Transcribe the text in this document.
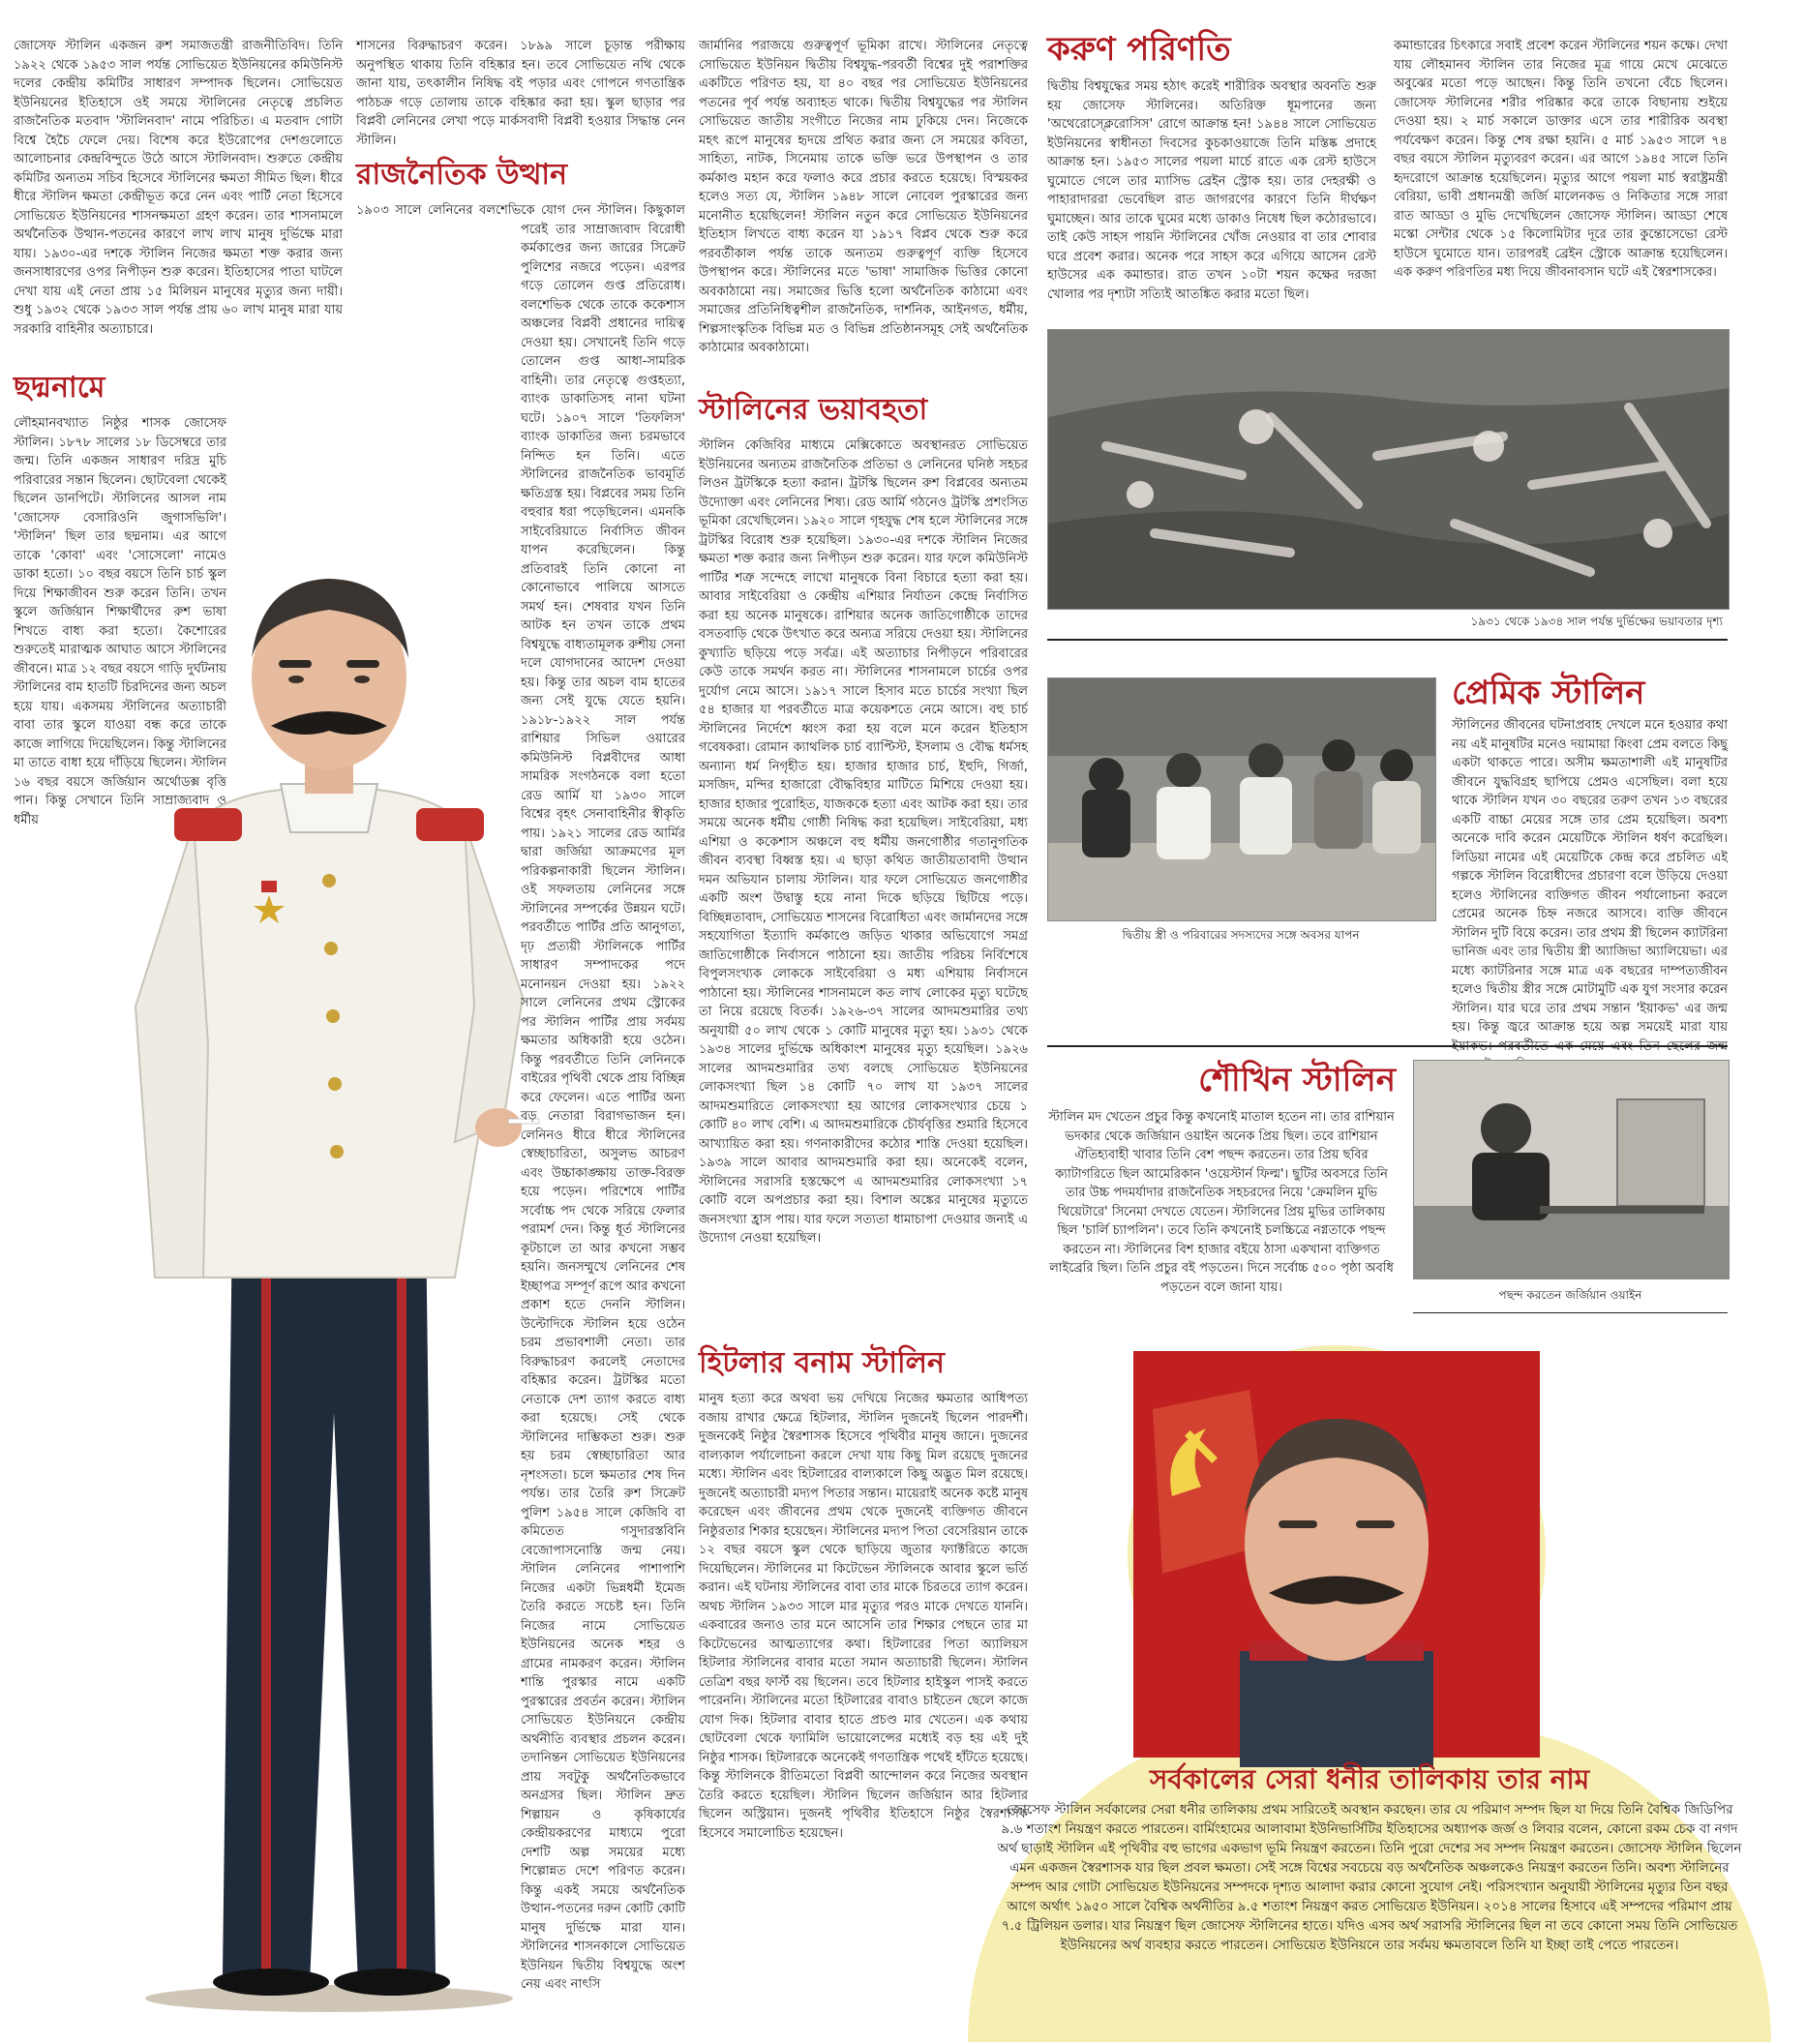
জোসেফ স্টালিন একজন রুশ সমাজতন্ত্রী রাজনীতিবিদ। তিনি ১৯২২ থেকে ১৯৫৩ সাল পর্যন্ত সোভিয়েত ইউনিয়নের কমিউনিস্ট দলের কেন্দ্রীয় কমিটির সাধারণ সম্পাদক ছিলেন। সোভিয়েত ইউনিয়নের ইতিহাসে ওই সময়ে স্টালিনের নেতৃত্বে প্রচলিত রাজনৈতিক মতবাদ 'স্টালিনবাদ' নামে পরিচিত। এ মতবাদ গোটা বিশ্বে হৈচৈ ফেলে দেয়। বিশেষ করে ইউরোপের দেশগুলোতে আলোচনার কেন্দ্রবিন্দুতে উঠে আসে স্টালিনবাদ। শুরুতে কেন্দ্রীয় কমিটির অন্যতম সচিব হিসেবে স্টালিনের ক্ষমতা সীমিত ছিল। ধীরে ধীরে স্টালিন ক্ষমতা কেন্দ্রীভূত করে নেন এবং পার্টি নেতা হিসেবে সোভিয়েত ইউনিয়নের শাসনক্ষমতা গ্রহণ করেন। তার শাসনামলে অর্থনৈতিক উত্থান-পতনের কারণে লাখ লাখ মানুষ দুর্ভিক্ষে মারা যায়। ১৯৩০-এর দশকে স্টালিন নিজের ক্ষমতা শক্ত করার জন্য জনসাধারণের ওপর নিপীড়ন শুরু করেন। ইতিহাসের পাতা ঘাটলে দেখা যায় এই নেতা প্রায় ১৫ মিলিয়ন মানুষের মৃত্যুর জন্য দায়ী। শুধু ১৯৩২ থেকে ১৯৩৩ সাল পর্যন্ত প্রায় ৬০ লাখ মানুষ মারা যায় সরকারি বাহিনীর অত্যাচারে।

ছদ্মনামে

লৌহমানবখ্যাত নিষ্ঠুর শাসক জোসেফ স্টালিন। ১৮৭৮ সালের ১৮ ডিসেম্বরে তার জন্ম। তিনি একজন সাধারণ দরিদ্র মুচি পরিবারের সন্তান ছিলেন। ছোটবেলা থেকেই ছিলেন ডানপিটে। স্টালিনের আসল নাম 'জোসেফ বেসারিওনি জুগাসভিলি'। 'স্টালিন' ছিল তার ছদ্মনাম। এর আগে তাকে 'কোবা' এবং 'সোসেলো' নামেও ডাকা হতো। ১০ বছর বয়সে তিনি চার্চ স্কুল দিয়ে শিক্ষাজীবন শুরু করেন তিনি। তখন স্কুলে জর্জিয়ান শিক্ষার্থীদের রুশ ভাষা শিখতে বাধ্য করা হতো। কৈশোরের শুরুতেই মারাত্মক আঘাত আসে স্টালিনের জীবনে। মাত্র ১২ বছর বয়সে গাড়ি দুর্ঘটনায় স্টালিনের বাম হাতটি চিরদিনের জন্য অচল হয়ে যায়। একসময় স্টালিনের অত্যাচারী বাবা তার স্কুলে যাওয়া বন্ধ করে তাকে কাজে লাগিয়ে দিয়েছিলেন। কিন্তু স্টালিনের মা তাতে বাধা হয়ে দাঁড়িয়ে ছিলেন। স্টালিন ১৬ বছর বয়সে জর্জিয়ান অর্থোডক্স বৃত্তি পান। কিন্তু সেখানে তিনি সাম্রাজ্যবাদ ও ধর্মীয়

শাসনের বিরুদ্ধাচরণ করেন। ১৮৯৯ সালে চূড়ান্ত পরীক্ষায় অনুপস্থিত থাকায় তিনি বহিষ্কার হন। তবে সোভিয়েত নথি থেকে জানা যায়, তৎকালীন নিষিদ্ধ বই পড়ার এবং গোপনে গণতান্ত্রিক পাঠচক্র গড়ে তোলায় তাকে বহিষ্কার করা হয়। স্কুল ছাড়ার পর বিপ্লবী লেনিনের লেখা পড়ে মার্কসবাদী বিপ্লবী হওয়ার সিদ্ধান্ত নেন স্টালিন।

রাজনৈতিক উত্থান

১৯০৩ সালে লেনিনের বলশেভিকে যোগ দেন স্টালিন। কিছুকাল পরেই তার সাম্রাজ্যবাদ বিরোধী কর্মকাণ্ডের জন্য জারের সিক্রেট পুলিশের নজরে পড়েন। এরপর গড়ে তোলেন গুপ্ত প্রতিরোধ। বলশেভিক থেকে তাকে ককেশাস অঞ্চলের বিপ্লবী প্রধানের দায়িত্ব দেওয়া হয়। সেখানেই তিনি গড়ে তোলেন গুপ্ত আধা-সামরিক বাহিনী। তার নেতৃত্বে গুপ্তহত্যা, ব্যাংক ডাকাতিসহ নানা ঘটনা ঘটে। ১৯০৭ সালে 'তিফলিস' ব্যাংক ডাকাতির জন্য চরমভাবে নিন্দিত হন তিনি। এতে স্টালিনের রাজনৈতিক ভাবমূর্তি ক্ষতিগ্রস্ত হয়। বিপ্লবের সময় তিনি বহুবার ধরা পড়েছিলেন। এমনকি সাইবেরিয়াতে নির্বাসিত জীবন যাপন করেছিলেন। কিন্তু প্রতিবারই তিনি কোনো না কোনোভাবে পালিয়ে আসতে সমর্থ হন। শেষবার যখন তিনি আটক হন তখন তাকে প্রথম বিশ্বযুদ্ধে বাধ্যতামূলক রুশীয় সেনা দলে যোগদানের আদেশ দেওয়া হয়। কিন্তু তার অচল বাম হাতের জন্য সেই যুদ্ধে যেতে হয়নি। ১৯১৮-১৯২২ সাল পর্যন্ত রাশিয়ার সিভিল ওয়ারের কমিউনিস্ট বিপ্লবীদের আধা সামরিক সংগঠনকে বলা হতো রেড আর্মি যা ১৯৩০ সালে বিশ্বের বৃহৎ সেনাবাহিনীর স্বীকৃতি পায়। ১৯২১ সালের রেড আর্মির দ্বারা জর্জিয়া আক্রমণের মূল পরিকল্পনাকারী ছিলেন স্টালিন। ওই সফলতায় লেনিনের সঙ্গে স্টালিনের সম্পর্কের উন্নয়ন ঘটে। পরবর্তীতে পার্টির প্রতি আনুগত্য, দৃঢ় প্রত্যয়ী স্টালিনকে পার্টির সাধারণ সম্পাদকের পদে মনোনয়ন দেওয়া হয়। ১৯২২ সালে লেনিনের প্রথম স্ট্রোকের পর স্টালিন পার্টির প্রায় সর্বময় ক্ষমতার অধিকারী হয়ে ওঠেন। কিন্তু পরবর্তীতে তিনি লেনিনকে বাইরের পৃথিবী থেকে প্রায় বিচ্ছিন্ন করে ফেলেন। এতে পার্টির অন্য বড় নেতারা বিরাগভাজন হন। লেনিনও ধীরে ধীরে স্টালিনের স্বেচ্ছাচারিতা, অসুলভ আচরণ এবং উচ্চাকাঙ্ক্ষায় তাক্ত-বিরক্ত হয়ে পড়েন। পরিশেষে পার্টির সর্বোচ্চ পদ থেকে সরিয়ে ফেলার পরামর্শ দেন। কিন্তু ধূর্ত স্টালিনের কূটচালে তা আর কখনো সম্ভব হয়নি। জনসম্মুখে লেনিনের শেষ ইচ্ছাপত্র সম্পূর্ণ রূপে আর কখনো প্রকাশ হতে দেননি স্টালিন। উল্টোদিকে স্টালিন হয়ে ওঠেন চরম প্রভাবশালী নেতা। তার বিরুদ্ধাচরণ করলেই নেতাদের বহিষ্কার করেন। ট্রটস্কির মতো নেতাকে দেশ ত্যাগ করতে বাধ্য করা হয়েছে। সেই থেকে স্টালিনের দাম্ভিকতা শুরু। শুরু হয় চরম স্বেচ্ছাচারিতা আর নৃশংসতা। চলে ক্ষমতার শেষ দিন পর্যন্ত। তার তৈরি রুশ সিক্রেট পুলিশ ১৯৫৪ সালে কেজিবি বা কমিতেত গসুদারস্তবিনি বেজোপাসনোস্তি জন্ম নেয়। স্টালিন লেনিনের পাশাপাশি নিজের একটা ভিন্নধর্মী ইমেজ তৈরি করতে সচেষ্ট হন। তিনি নিজের নামে সোভিয়েত ইউনিয়নের অনেক শহর ও গ্রামের নামকরণ করেন। স্টালিন শান্তি পুরস্কার নামে একটি পুরস্কারের প্রবর্তন করেন। স্টালিন সোভিয়েত ইউনিয়নে কেন্দ্রীয় অর্থনীতি ব্যবস্থার প্রচলন করেন। তদানিন্তন সোভিয়েত ইউনিয়নের প্রায় সবটুকু অর্থনৈতিকভাবে অনগ্রসর ছিল। স্টালিন দ্রুত শিল্পায়ন ও কৃষিকার্যের কেন্দ্রীয়করণের মাধ্যমে পুরো দেশটি অল্প সময়ের মধ্যে শিল্পোন্নত দেশে পরিণত করেন। কিন্তু একই সময়ে অর্থনৈতিক উত্থান-পতনের দরুন কোটি কোটি মানুষ দুর্ভিক্ষে মারা যান। স্টালিনের শাসনকালে সোভিয়েত ইউনিয়ন দ্বিতীয় বিশ্বযুদ্ধে অংশ নেয় এবং নাৎসি

জার্মানির পরাজয়ে গুরুত্বপূর্ণ ভূমিকা রাখে। স্টালিনের নেতৃত্বে সোভিয়েত ইউনিয়ন দ্বিতীয় বিশ্বযুদ্ধ-পরবর্তী বিশ্বের দুই পরাশক্তির একটিতে পরিণত হয়, যা ৪০ বছর পর সোভিয়েত ইউনিয়নের পতনের পূর্ব পর্যন্ত অব্যাহত থাকে। দ্বিতীয় বিশ্বযুদ্ধের পর স্টালিন সোভিয়েত জাতীয় সংগীতে নিজের নাম ঢুকিয়ে দেন। নিজেকে মহৎ রূপে মানুষের হৃদয়ে প্রথিত করার জন্য সে সময়ের কবিতা, সাহিত্য, নাটক, সিনেমায় তাকে ভক্তি ভরে উপস্থাপন ও তার কর্মকাণ্ড মহান করে ফলাও করে প্রচার করতে হয়েছে। বিস্ময়কর হলেও সত্য যে, স্টালিন ১৯৪৮ সালে নোবেল পুরস্কারের জন্য মনোনীত হয়েছিলেন! স্টালিন নতুন করে সোভিয়েত ইউনিয়নের ইতিহাস লিখতে বাধ্য করেন যা ১৯১৭ বিপ্লব থেকে শুরু করে পরবর্তীকাল পর্যন্ত তাকে অন্যতম গুরুত্বপূর্ণ ব্যক্তি হিসেবে উপস্থাপন করে। স্টালিনের মতে 'ভাষা' সামাজিক ভিত্তির কোনো অবকাঠামো নয়। সমাজের ভিত্তি হলো অর্থনৈতিক কাঠামো এবং সমাজের প্রতিনিধিত্বশীল রাজনৈতিক, দার্শনিক, আইনগত, ধর্মীয়, শিল্পসাংস্কৃতিক বিভিন্ন মত ও বিভিন্ন প্রতিষ্ঠানসমূহ সেই অর্থনৈতিক কাঠামোর অবকাঠামো।

স্টালিনের ভয়াবহতা

স্টালিন কেজিবির মাধ্যমে মেক্সিকোতে অবস্থানরত সোভিয়েত ইউনিয়নের অন্যতম রাজনৈতিক প্রতিভা ও লেনিনের ঘনিষ্ঠ সহচর লিওন ট্রটস্কিকে হত্যা করান। ট্রটস্কি ছিলেন রুশ বিপ্লবের অন্যতম উদ্যোক্তা এবং লেনিনের শিষ্য। রেড আর্মি গঠনেও ট্রটস্কি প্রশংসিত ভূমিকা রেখেছিলেন। ১৯২০ সালে গৃহযুদ্ধ শেষ হলে স্টালিনের সঙ্গে ট্রটস্কির বিরোধ শুরু হয়েছিল। ১৯৩০-এর দশকে স্টালিন নিজের ক্ষমতা শক্ত করার জন্য নিপীড়ন শুরু করেন। যার ফলে কমিউনিস্ট পার্টির শত্রু সন্দেহে লাখো মানুষকে বিনা বিচারে হত্যা করা হয়। আবার সাইবেরিয়া ও কেন্দ্রীয় এশিয়ার নির্যাতন কেন্দ্রে নির্বাসিত করা হয় অনেক মানুষকে। রাশিয়ার অনেক জাতিগোষ্ঠীকে তাদের বসতবাড়ি থেকে উৎখাত করে অন্যত্র সরিয়ে দেওয়া হয়। স্টালিনের কুখ্যাতি ছড়িয়ে পড়ে সর্বত্র। এই অত্যাচার নিপীড়নে পরিবারের কেউ তাকে সমর্থন করত না। স্টালিনের শাসনামলে চার্চের ওপর দুর্যোগ নেমে আসে। ১৯১৭ সালে হিসাব মতে চার্চের সংখ্যা ছিল ৫৪ হাজার যা পরবর্তীতে মাত্র কয়েকশতে নেমে আসে। বহু চার্চ স্টালিনের নির্দেশে ধ্বংস করা হয় বলে মনে করেন ইতিহাস গবেষকরা। রোমান ক্যাথলিক চার্চ ব্যাপ্টিস্ট, ইসলাম ও বৌদ্ধ ধর্মসহ অন্যান্য ধর্ম নিগৃহীত হয়। হাজার হাজার চার্চ, ইহুদি, গির্জা, মসজিদ, মন্দির হাজারো বৌদ্ধবিহার মাটিতে মিশিয়ে দেওয়া হয়। হাজার হাজার পুরোহিত, যাজককে হত্যা এবং আটক করা হয়। তার সময়ে অনেক ধর্মীয় গোষ্ঠী নিষিদ্ধ করা হয়েছিল। সাইবেরিয়া, মধ্য এশিয়া ও ককেশাস অঞ্চলে বহু ধর্মীয় জনগোষ্ঠীর গতানুগতিক জীবন ব্যবস্থা বিধ্বস্ত হয়। এ ছাড়া কথিত জাতীয়তাবাদী উত্থান দমন অভিযান চালায় স্টালিন। যার ফলে সোভিয়েত জনগোষ্ঠীর একটি অংশ উদ্বাস্তু হয়ে নানা দিকে ছড়িয়ে ছিটিয়ে পড়ে। বিচ্ছিন্নতাবাদ, সোভিয়েত শাসনের বিরোধিতা এবং জার্মানদের সঙ্গে সহযোগিতা ইত্যাদি কর্মকাণ্ডে জড়িত থাকার অভিযোগে সমগ্র জাতিগোষ্ঠীকে নির্বাসনে পাঠানো হয়। জাতীয় পরিচয় নির্বিশেষে বিপুলসংখ্যক লোককে সাইবেরিয়া ও মধ্য এশিয়ায় নির্বাসনে পাঠানো হয়। স্টালিনের শাসনামলে কত লাখ লোকের মৃত্যু ঘটেছে তা নিয়ে রয়েছে বিতর্ক। ১৯২৬-৩৭ সালের আদমশুমারির তথ্য অনুযায়ী ৫০ লাখ থেকে ১ কোটি মানুষের মৃত্যু হয়। ১৯৩১ থেকে ১৯৩৪ সালের দুর্ভিক্ষে অধিকাংশ মানুষের মৃত্যু হয়েছিল। ১৯২৬ সালের আদমশুমারির তথ্য বলছে সোভিয়েত ইউনিয়নের লোকসংখ্যা ছিল ১৪ কোটি ৭০ লাখ যা ১৯৩৭ সালের আদমশুমারিতে লোকসংখ্যা হয় আগের লোকসংখ্যার চেয়ে ১ কোটি ৪০ লাখ বেশি। এ আদমশুমারিকে চৌর্যবৃত্তির শুমারি হিসেবে আখ্যায়িত করা হয়। গণনাকারীদের কঠোর শাস্তি দেওয়া হয়েছিল। ১৯৩৯ সালে আবার আদমশুমারি করা হয়। অনেকেই বলেন, স্টালিনের সরাসরি হস্তক্ষেপে এ আদমশুমারির লোকসংখ্যা ১৭ কোটি বলে অপপ্রচার করা হয়। বিশাল অঙ্কের মানুষের মৃত্যুতে জনসংখ্যা হ্রাস পায়। যার ফলে সত্যতা ধামাচাপা দেওয়ার জন্যই এ উদ্যোগ নেওয়া হয়েছিল।

হিটলার বনাম স্টালিন

মানুষ হত্যা করে অথবা ভয় দেখিয়ে নিজের ক্ষমতার আধিপত্য বজায় রাখার ক্ষেত্রে হিটলার, স্টালিন দুজনেই ছিলেন পারদর্শী। দুজনকেই নিষ্ঠুর স্বৈরশাসক হিসেবে পৃথিবীর মানুষ জানে। দুজনের বাল্যকাল পর্যালোচনা করলে দেখা যায় কিছু মিল রয়েছে দুজনের মধ্যে। স্টালিন এবং হিটলারের বাল্যকালে কিছু অদ্ভুত মিল রয়েছে। দুজনেই অত্যাচারী মদ্যপ পিতার সন্তান। মায়েরাই অনেক কষ্টে মানুষ করেছেন এবং জীবনের প্রথম থেকে দুজনেই ব্যক্তিগত জীবনে নিষ্ঠুরতার শিকার হয়েছেন। স্টালিনের মদ্যপ পিতা বেসেরিয়ান তাকে ১২ বছর বয়সে স্কুল থেকে ছাড়িয়ে জুতার ফ্যাক্টরিতে কাজে দিয়েছিলেন। স্টালিনের মা কিটেভেন স্টালিনকে আবার স্কুলে ভর্তি করান। এই ঘটনায় স্টালিনের বাবা তার মাকে চিরতরে ত্যাগ করেন। অথচ স্টালিন ১৯৩৩ সালে মার মৃত্যুর পরও মাকে দেখতে যাননি। একবারের জন্যও তার মনে আসেনি তার শিক্ষার পেছনে তার মা কিটেভেনের আত্মত্যাগের কথা। হিটলারের পিতা অ্যালিয়স হিটলার স্টালিনের বাবার মতো সমান অত্যাচারী ছিলেন। স্টালিন তেত্রিশ বছর ফার্স্ট বয় ছিলেন। তবে হিটলার হাইস্কুল পাসই করতে পারেননি। স্টালিনের মতো হিটলারের বাবাও চাইতেন ছেলে কাজে যোগ দিক। হিটলার বাবার হাতে প্রচণ্ড মার খেতেন। এক কথায় ছোটবেলা থেকে ফ্যামিলি ভায়োলেন্সের মধ্যেই বড় হয় এই দুই নিষ্ঠুর শাসক। হিটলারকে অনেকেই গণতান্ত্রিক পথেই হাঁটতে হয়েছে। কিন্তু স্টালিনকে রীতিমতো বিপ্লবী আন্দোলন করে নিজের অবস্থান তৈরি করতে হয়েছিল। স্টালিন ছিলেন জর্জিয়ান আর হিটলার ছিলেন অস্ট্রিয়ান। দুজনই পৃথিবীর ইতিহাসে নিষ্ঠুর স্বৈরশাসক হিসেবে সমালোচিত হয়েছেন।

করুণ পরিণতি

দ্বিতীয় বিশ্বযুদ্ধের সময় হঠাৎ করেই শারীরিক অবস্থার অবনতি শুরু হয় জোসেফ স্টালিনের। অতিরিক্ত ধূমপানের জন্য 'অথেরোস্ক্লেরোসিস' রোগে আক্রান্ত হন! ১৯৪৪ সালে সোভিয়েত ইউনিয়নের স্বাধীনতা দিবসের কুচকাওয়াজে তিনি মস্তিষ্ক প্রদাহে আক্রান্ত হন। ১৯৫৩ সালের পয়লা মার্চে রাতে এক রেস্ট হাউসে ঘুমোতে গেলে তার ম্যাসিভ ব্রেইন স্ট্রোক হয়। তার দেহরক্ষী ও পাহারাদাররা ভেবেছিল রাত জাগরণের কারণে তিনি দীর্ঘক্ষণ ঘুমাচ্ছেন। আর তাকে ঘুমের মধ্যে ডাকাও নিষেধ ছিল কঠোরভাবে। তাই কেউ সাহস পায়নি স্টালিনের খোঁজ নেওয়ার বা তার শোবার ঘরে প্রবেশ করার। অনেক পরে সাহস করে এগিয়ে আসেন রেস্ট হাউসের এক কমান্ডার। রাত তখন ১০টা শয়ন কক্ষের দরজা খোলার পর দৃশ্যটা সত্যিই আতঙ্কিত করার মতো ছিল।

কমান্ডারের চিৎকারে সবাই প্রবেশ করেন স্টালিনের শয়ন কক্ষে। দেখা যায় লৌহমানব স্টালিন তার নিজের মূত্র গায়ে মেখে মেঝেতে অবুঝের মতো পড়ে আছেন। কিন্তু তিনি তখনো বেঁচে ছিলেন। জোসেফ স্টালিনের শরীর পরিষ্কার করে তাকে বিছানায় শুইয়ে দেওয়া হয়। ২ মার্চ সকালে ডাক্তার এসে তার শারীরিক অবস্থা পর্যবেক্ষণ করেন। কিন্তু শেষ রক্ষা হয়নি। ৫ মার্চ ১৯৫৩ সালে ৭৪ বছর বয়সে স্টালিন মৃত্যুবরণ করেন। এর আগে ১৯৪৫ সালে তিনি হৃদরোগে আক্রান্ত হয়েছিলেন। মৃত্যুর আগে পয়লা মার্চ স্বরাষ্ট্রমন্ত্রী বেরিয়া, ভাবী প্রধানমন্ত্রী জর্জি মালেনকভ ও নিকিতার সঙ্গে সারা রাত আড্ডা ও মুভি দেখেছিলেন জোসেফ স্টালিন। আড্ডা শেষে মস্কো সেন্টার থেকে ১৫ কিলোমিটার দূরে তার কুন্তোসেভো রেস্ট হাউসে ঘুমোতে যান। তারপরই ব্রেইন স্ট্রোকে আক্রান্ত হয়েছিলেন। এক করুণ পরিণতির মধ্য দিয়ে জীবনাবসান ঘটে এই স্বৈরশাসকের।

১৯৩১ থেকে ১৯৩৪ সাল পর্যন্ত দুর্ভিক্ষের ভয়াবতার দৃশ্য
দ্বিতীয় স্ত্রী ও পরিবারের সদস্যদের সঙ্গে অবসর যাপন
প্রেমিক স্টালিন

স্টালিনের জীবনের ঘটনাপ্রবাহ দেখলে মনে হওয়ার কথা নয় এই মানুষটির মনেও দয়ামায়া কিংবা প্রেম বলতে কিছু একটা থাকতে পারে। অসীম ক্ষমতাশালী এই মানুষটির জীবনে যুদ্ধবিগ্রহ ছাপিয়ে প্রেমও এসেছিল। বলা হয়ে থাকে স্টালিন যখন ৩০ বছরের তরুণ তখন ১৩ বছরের একটি বাচ্চা মেয়ের সঙ্গে তার প্রেম হয়েছিল। অবশ্য অনেকে দাবি করেন মেয়েটিকে স্টালিন ধর্ষণ করেছিল। লিডিয়া নামের এই মেয়েটিকে কেন্দ্র করে প্রচলিত এই গল্পকে স্টালিন বিরোধীদের প্রচারণা বলে উড়িয়ে দেওয়া হলেও স্টালিনের ব্যক্তিগত জীবন পর্যালোচনা করলে প্রেমের অনেক চিহ্ন নজরে আসবে। ব্যক্তি জীবনে স্টালিন দুটি বিয়ে করেন। তার প্রথম স্ত্রী ছিলেন ক্যাটরিনা ভানিজ এবং তার দ্বিতীয় স্ত্রী অ্যাজিভা অ্যালিয়েভা। এর মধ্যে ক্যাটরিনার সঙ্গে মাত্র এক বছরের দাম্পত্যজীবন হলেও দ্বিতীয় স্ত্রীর সঙ্গে মোটামুটি এক যুগ সংসার করেন স্টালিন। যার ঘরে তার প্রথম সন্তান 'ইয়াকভ' এর জন্ম হয়। কিন্তু জ্বরে আক্রান্ত হয়ে অল্প সময়েই মারা যায়

শৌখিন স্টালিন

স্টালিন মদ খেতেন প্রচুর কিন্তু কখনোই মাতাল হতেন না। তার রাশিয়ান ভদকার থেকে জর্জিয়ান ওয়াইন অনেক প্রিয় ছিল। তবে রাশিয়ান ঐতিহ্যবাহী খাবার তিনি বেশ পছন্দ করতেন। তার প্রিয় ছবির ক্যাটাগরিতে ছিল আমেরিকান 'ওয়েস্টার্ন ফিল্ম'। ছুটির অবসরে তিনি তার উচ্চ পদমর্যাদার রাজনৈতিক সহচরদের নিয়ে 'ক্রেমলিন মুভি থিয়েটারে' সিনেমা দেখতে যেতেন। স্টালিনের প্রিয় মুভির তালিকায় ছিল 'চার্লি চ্যাপলিন'। তবে তিনি কখনোই চলচ্চিত্রে নগ্নতাকে পছন্দ করতেন না। স্টালিনের বিশ হাজার বইয়ে ঠাসা একখানা ব্যক্তিগত লাইব্রেরি ছিল। তিনি প্রচুর বই পড়তেন। দিনে সর্বোচ্চ ৫০০ পৃষ্ঠা অবধি পড়তেন বলে জানা যায়।

পছন্দ করতেন জর্জিয়ান ওয়াইন
সর্বকালের সেরা ধনীর তালিকায় তার নাম
জোসেফ স্টালিন সর্বকালের সেরা ধনীর তালিকায় প্রথম সারিতেই অবস্থান করছেন। তার যে পরিমাণ সম্পদ ছিল যা দিয়ে তিনি বৈশ্বিক জিডিপির ৯.৬ শতাংশ নিয়ন্ত্রণ করতে পারতেন। বার্মিংহামের আলাবামা ইউনিভার্সিটির ইতিহাসের অধ্যাপক জর্জ ও লিবার বলেন, কোনো রকম চেক বা নগদ অর্থ ছাড়াই স্টালিন এই পৃথিবীর বহু ভাগের একভাগ ভূমি নিয়ন্ত্রণ করতেন। তিনি পুরো দেশের সব সম্পদ নিয়ন্ত্রণ করতেন। জোসেফ স্টালিন ছিলেন এমন একজন স্বৈরশাসক যার ছিল প্রবল ক্ষমতা। সেই সঙ্গে বিশ্বের সবচেয়ে বড় অর্থনৈতিক অঞ্চলকেও নিয়ন্ত্রণ করতেন তিনি। অবশ্য স্টালিনের সম্পদ আর গোটা সোভিয়েত ইউনিয়নের সম্পদকে দৃশ্যত আলাদা করার কোনো সুযোগ নেই। পরিসংখ্যান অনুযায়ী স্টালিনের মৃত্যুর তিন বছর আগে অর্থাৎ ১৯৫০ সালে বৈশ্বিক অর্থনীতির ৯.৫ শতাংশ নিয়ন্ত্রণ করত সোভিয়েত ইউনিয়ন। ২০১৪ সালের হিসাবে এই সম্পদের পরিমাণ প্রায় ৭.৫ ট্রিলিয়ন ডলার। যার নিয়ন্ত্রণ ছিল জোসেফ স্টালিনের হাতে। যদিও এসব অর্থ সরাসরি স্টালিনের ছিল না তবে কোনো সময় তিনি সোভিয়েত ইউনিয়নের অর্থ ব্যবহার করতে পারতেন। সোভিয়েত ইউনিয়নে তার সর্বময় ক্ষমতাবলে তিনি যা ইচ্ছা তাই পেতে পারতেন।
